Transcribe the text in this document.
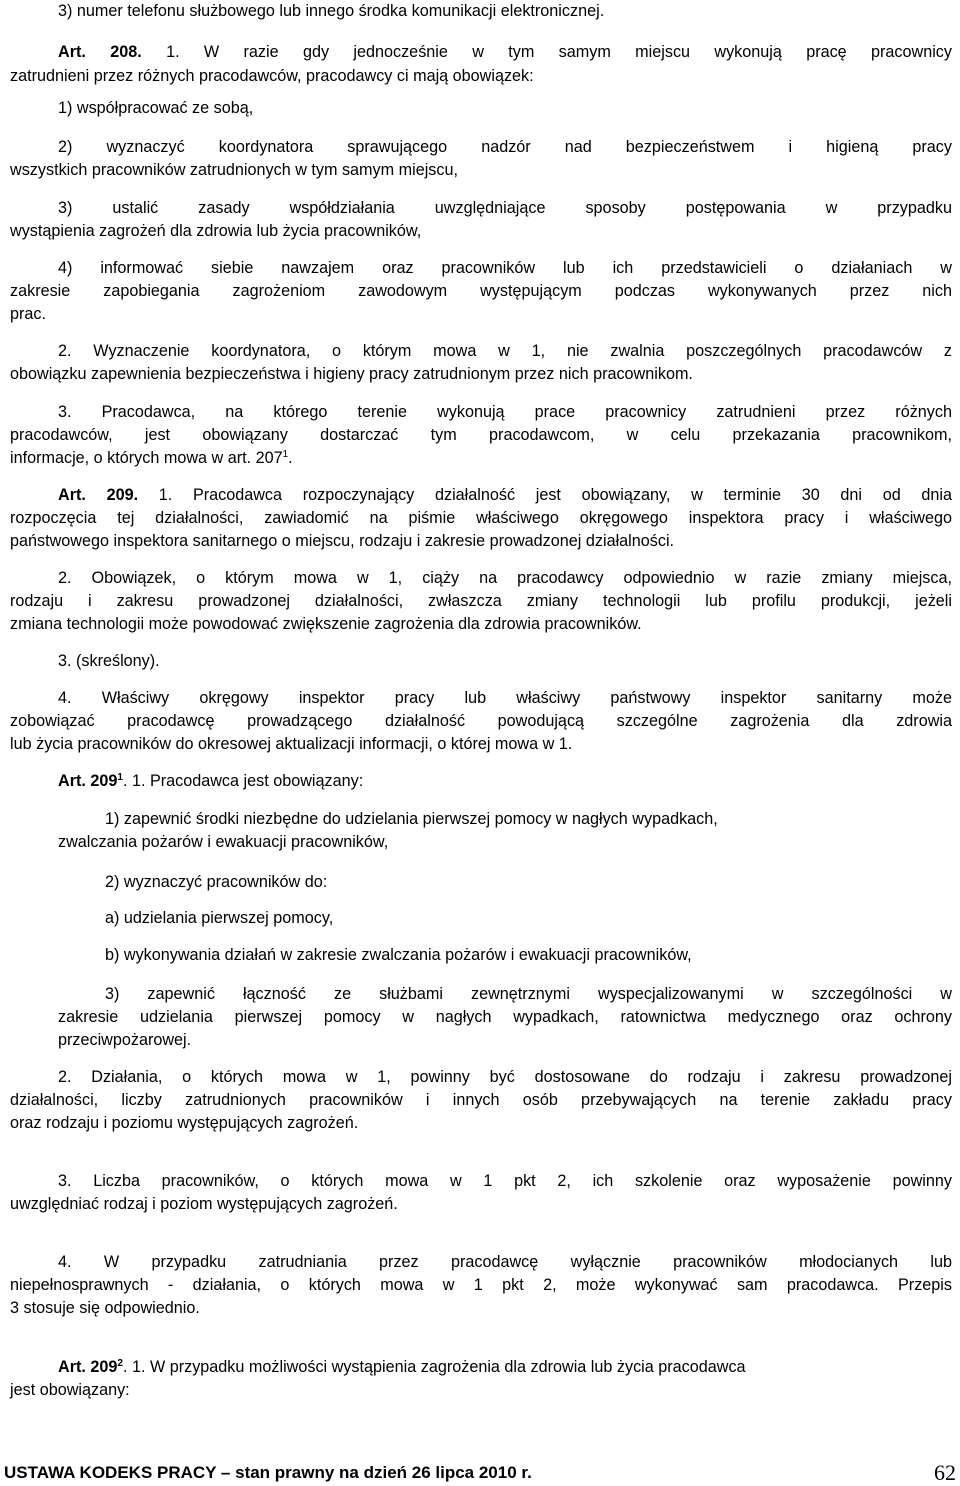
3) numer telefonu służbowego lub innego środka komunikacji elektronicznej.
Art. 208. 1. W razie gdy jednocześnie w tym samym miejscu wykonują pracę pracownicy
zatrudnieni przez różnych pracodawców, pracodawcy ci mają obowiązek:
1) współpracować ze sobą,
2) wyznaczyć koordynatora sprawującego nadzór nad bezpieczeństwem i higieną pracy
wszystkich pracowników zatrudnionych w tym samym miejscu,
3) ustalić zasady współdziałania uwzględniające sposoby postępowania w przypadku
wystąpienia zagrożeń dla zdrowia lub życia pracowników,
4) informować siebie nawzajem oraz pracowników lub ich przedstawicieli o działaniach w
zakresie zapobiegania zagrożeniom zawodowym występującym podczas wykonywanych przez nich
prac.
2. Wyznaczenie koordynatora, o którym mowa w 1, nie zwalnia poszczególnych pracodawców z
obowiązku zapewnienia bezpieczeństwa i higieny pracy zatrudnionym przez nich pracownikom.
3. Pracodawca, na którego terenie wykonują prace pracownicy zatrudnieni przez różnych
pracodawców, jest obowiązany dostarczać tym pracodawcom, w celu przekazania pracownikom,
informacje, o których mowa w art. $207^1$.
Art. 209. 1. Pracodawca rozpoczynający działalność jest obowiązany, w terminie 30 dni od dnia
rozpoczęcia tej działalności, zawiadomić na piśmie właściwego okręgowego inspektora pracy i właściwego
państwowego inspektora sanitarnego o miejscu, rodzaju i zakresie prowadzonej działalności.
2. Obowiązek, o którym mowa w 1, ciąży na pracodawcy odpowiednio w razie zmiany miejsca,
rodzaju i zakresu prowadzonej działalności, zwłaszcza zmiany technologii lub profilu produkcji, jeżeli
zmiana technologii może powodować zwiększenie zagrożenia dla zdrowia pracowników.
3. (skreślony).
4. Właściwy okręgowy inspektor pracy lub właściwy państwowy inspektor sanitarny może
zobowiązać pracodawcę prowadzącego działalność powodującą szczególne zagrożenia dla zdrowia
lub życia pracowników do okresowej aktualizacji informacji, o której mowa w 1.
Art. $209^1$. 1. Pracodawca jest obowiązany:
1) zapewnić środki niezbędne do udzielania pierwszej pomocy w nagłych wypadkach,
zwalczania pożarów i ewakuacji pracowników,
2) wyznaczyć pracowników do:
a) udzielania pierwszej pomocy,
b) wykonywania działań w zakresie zwalczania pożarów i ewakuacji pracowników,
3) zapewnić łączność ze służbami zewnętrznymi wyspecjalizowanymi w szczególności w
zakresie udzielania pierwszej pomocy w nagłych wypadkach, ratownictwa medycznego oraz ochrony
przeciwpożarowej.
2. Działania, o których mowa w 1, powinny być dostosowane do rodzaju i zakresu prowadzonej
działalności, liczby zatrudnionych pracowników i innych osób przebywających na terenie zakładu pracy
oraz rodzaju i poziomu występujących zagrożeń.
3. Liczba pracowników, o których mowa w 1 pkt 2, ich szkolenie oraz wyposażenie powinny
uwzględniać rodzaj i poziom występujących zagrożeń.
4. W przypadku zatrudniania przez pracodawcę wyłącznie pracowników młodocianych lub
niepełnosprawnych - działania, o których mowa w 1 pkt 2, może wykonywać sam pracodawca. Przepis
3 stosuje się odpowiednio.
Art. $209^2$. 1. W przypadku możliwości wystąpienia zagrożenia dla zdrowia lub życia pracodawca
jest obowiązany:
USTAWA KODEKS PRACY – stan prawny na dzień 26 lipca 2010 r.	62
